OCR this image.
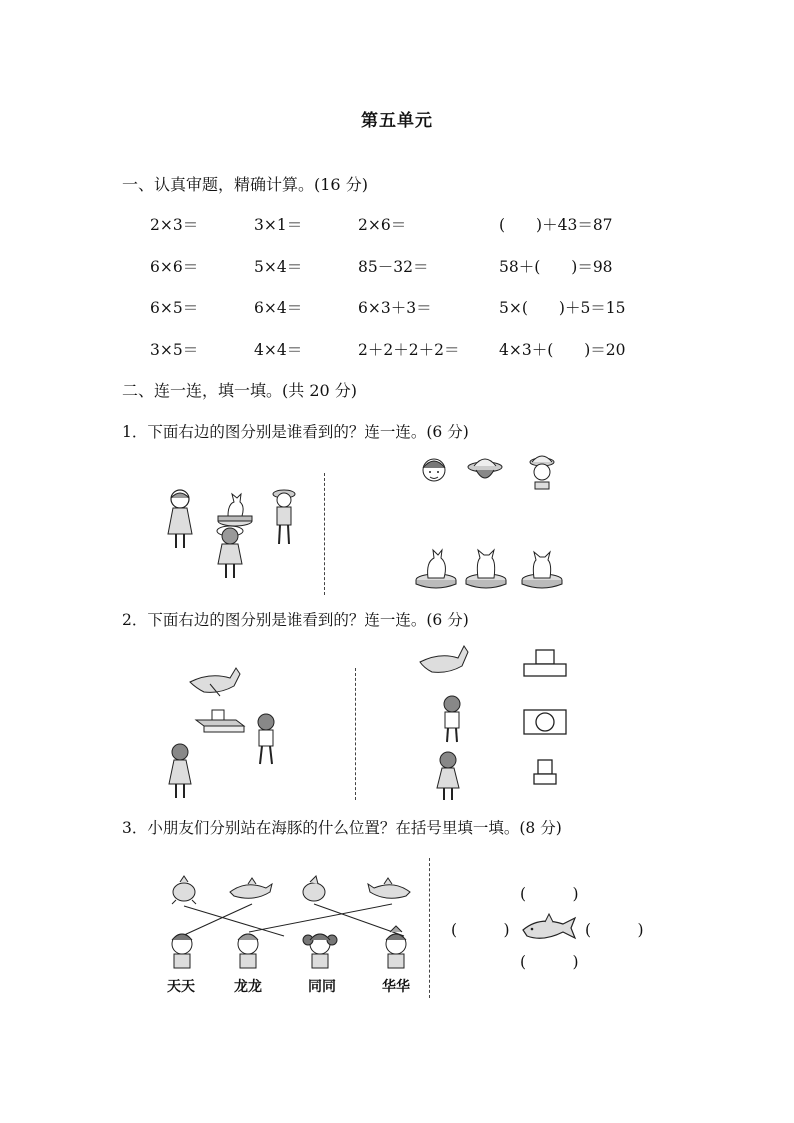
第五单元
一、认真审题，精确计算。(16 分)
2×3＝	3×1＝	2×6＝	(　　)＋43＝87
6×6＝	5×4＝	85－32＝	58＋(　　)＝98
6×5＝	6×4＝	6×3＋3＝	5×(　　)＋5＝15
3×5＝	4×4＝	2＋2＋2＋2＝	4×3＋(　　)＝20
二、连一连，填一填。(共 20 分)
1．下面右边的图分别是谁看到的？连一连。(6 分)
2．下面右边的图分别是谁看到的？连一连。(6 分)
3．小朋友们分别站在海豚的什么位置？在括号里填一填。(8 分)
天天	龙龙	同同	华华
(　　　)
(　　　)	(　　　)
(　　　)
